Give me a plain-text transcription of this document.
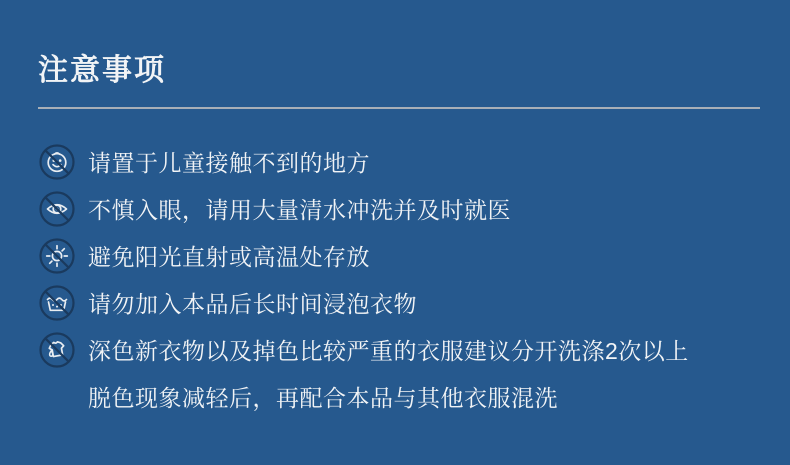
注意事项
请置于儿童接触不到的地方
不慎入眼，请用大量清水冲洗并及时就医
避免阳光直射或高温处存放
请勿加入本品后长时间浸泡衣物
深色新衣物以及掉色比较严重的衣服建议分开洗涤2次以上
脱色现象减轻后，再配合本品与其他衣服混洗
